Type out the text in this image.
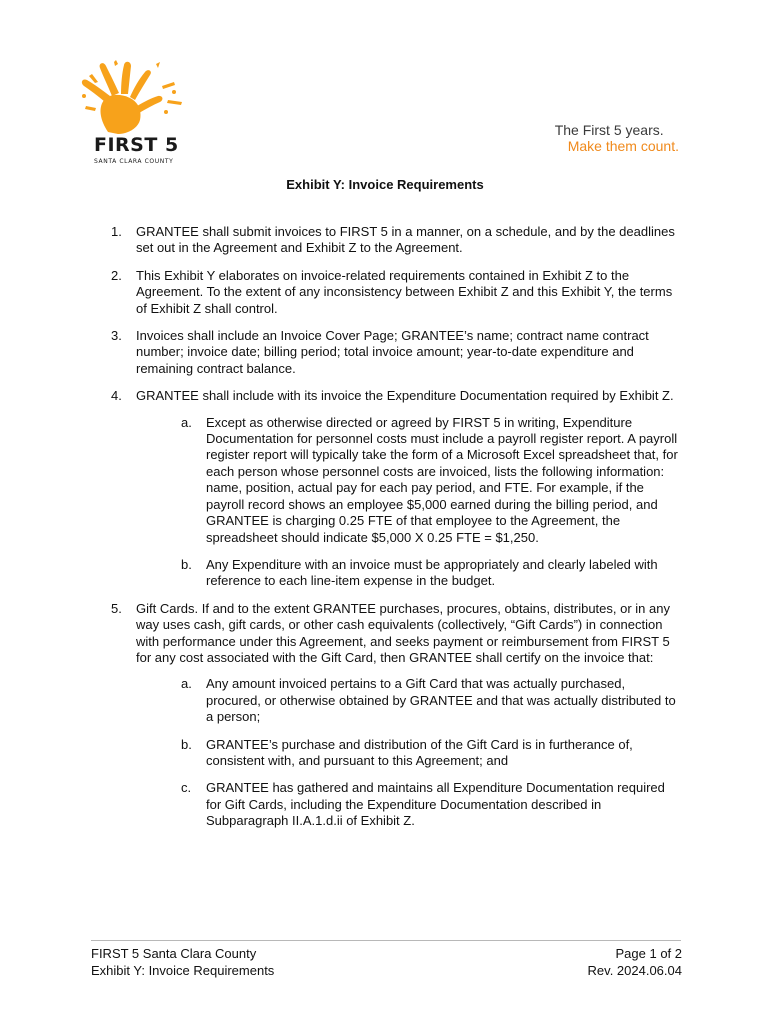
FIRST 5
SANTA CLARA COUNTY
The First 5 years.
Make them count.
Exhibit Y: Invoice Requirements
1. GRANTEE shall submit invoices to FIRST 5 in a manner, on a schedule, and by the deadlines set out in the Agreement and Exhibit Z to the Agreement.
2. This Exhibit Y elaborates on invoice-related requirements contained in Exhibit Z to the Agreement. To the extent of any inconsistency between Exhibit Z and this Exhibit Y, the terms of Exhibit Z shall control.
3. Invoices shall include an Invoice Cover Page; GRANTEE’s name; contract name contract number; invoice date; billing period; total invoice amount; year-to-date expenditure and remaining contract balance.
4. GRANTEE shall include with its invoice the Expenditure Documentation required by Exhibit Z.
a. Except as otherwise directed or agreed by FIRST 5 in writing, Expenditure Documentation for personnel costs must include a payroll register report. A payroll register report will typically take the form of a Microsoft Excel spreadsheet that, for each person whose personnel costs are invoiced, lists the following information: name, position, actual pay for each pay period, and FTE. For example, if the payroll record shows an employee $5,000 earned during the billing period, and GRANTEE is charging 0.25 FTE of that employee to the Agreement, the spreadsheet should indicate $5,000 X 0.25 FTE = $1,250.
b. Any Expenditure with an invoice must be appropriately and clearly labeled with reference to each line-item expense in the budget.
5. Gift Cards. If and to the extent GRANTEE purchases, procures, obtains, distributes, or in any way uses cash, gift cards, or other cash equivalents (collectively, “Gift Cards”) in connection with performance under this Agreement, and seeks payment or reimbursement from FIRST 5 for any cost associated with the Gift Card, then GRANTEE shall certify on the invoice that:
a. Any amount invoiced pertains to a Gift Card that was actually purchased, procured, or otherwise obtained by GRANTEE and that was actually distributed to a person;
b. GRANTEE’s purchase and distribution of the Gift Card is in furtherance of, consistent with, and pursuant to this Agreement; and
c. GRANTEE has gathered and maintains all Expenditure Documentation required for Gift Cards, including the Expenditure Documentation described in Subparagraph II.A.1.d.ii of Exhibit Z.
FIRST 5 Santa Clara County
Exhibit Y: Invoice Requirements
Page 1 of 2
Rev. 2024.06.04
